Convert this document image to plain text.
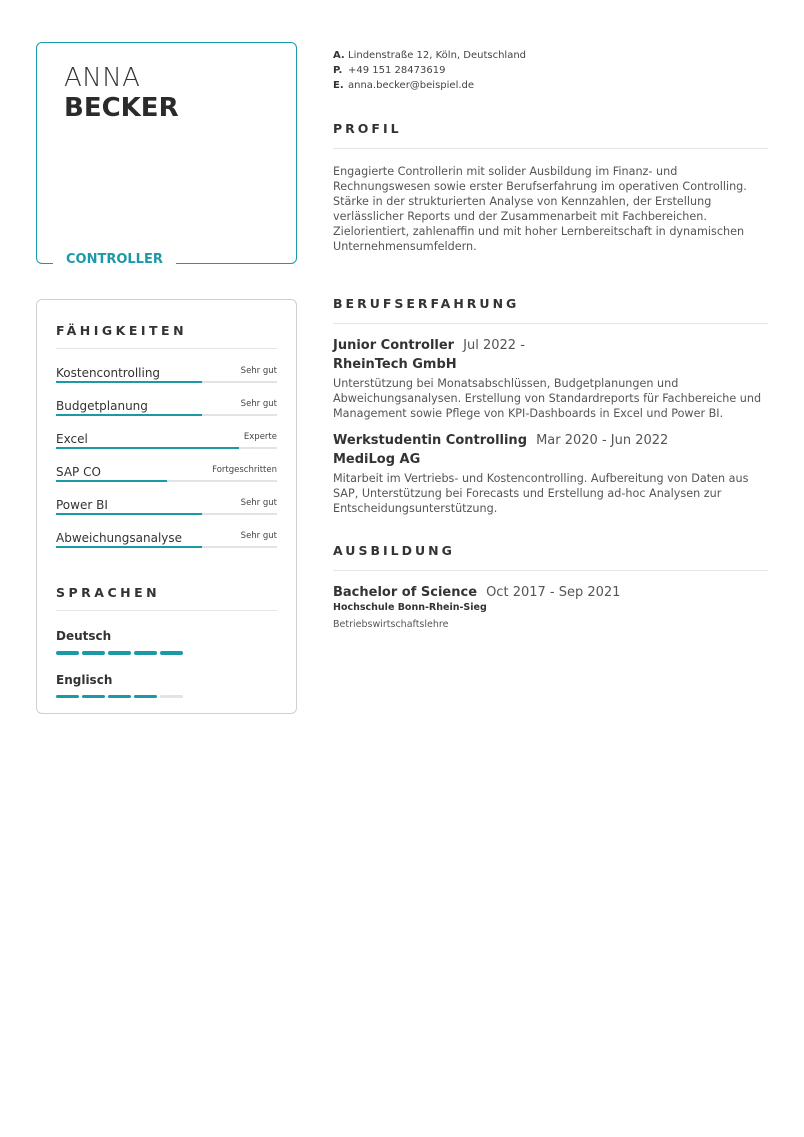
ANNA
BECKER
CONTROLLER
FÄHIGKEITEN
Kostencontrolling	Sehr gut
Budgetplanung	Sehr gut
Excel	Experte
SAP CO	Fortgeschritten
Power BI	Sehr gut
Abweichungsanalyse	Sehr gut
SPRACHEN
Deutsch
Englisch
A. Lindenstraße 12, Köln, Deutschland
P. +49 151 28473619
E. anna.becker@beispiel.de
PROFIL

Engagierte Controllerin mit solider Ausbildung im Finanz- und Rechnungswesen sowie erster Berufserfahrung im operativen Controlling. Stärke in der strukturierten Analyse von Kennzahlen, der Erstellung verlässlicher Reports und der Zusammenarbeit mit Fachbereichen. Zielorientiert, zahlenaffin und mit hoher Lernbereitschaft in dynamischen Unternehmensumfeldern.

BERUFSERFAHRUNG
Junior Controller Jul 2022 -
RheinTech GmbH

Unterstützung bei Monatsabschlüssen, Budgetplanungen und Abweichungsanalysen. Erstellung von Standardreports für Fachbereiche und Management sowie Pflege von KPI-Dashboards in Excel und Power BI.

Werkstudentin Controlling Mar 2020 - Jun 2022
MediLog AG

Mitarbeit im Vertriebs- und Kostencontrolling. Aufbereitung von Daten aus SAP, Unterstützung bei Forecasts und Erstellung ad-hoc Analysen zur Entscheidungsunterstützung.

AUSBILDUNG
Bachelor of Science Oct 2017 - Sep 2021
Hochschule Bonn-Rhein-Sieg
Betriebswirtschaftslehre
